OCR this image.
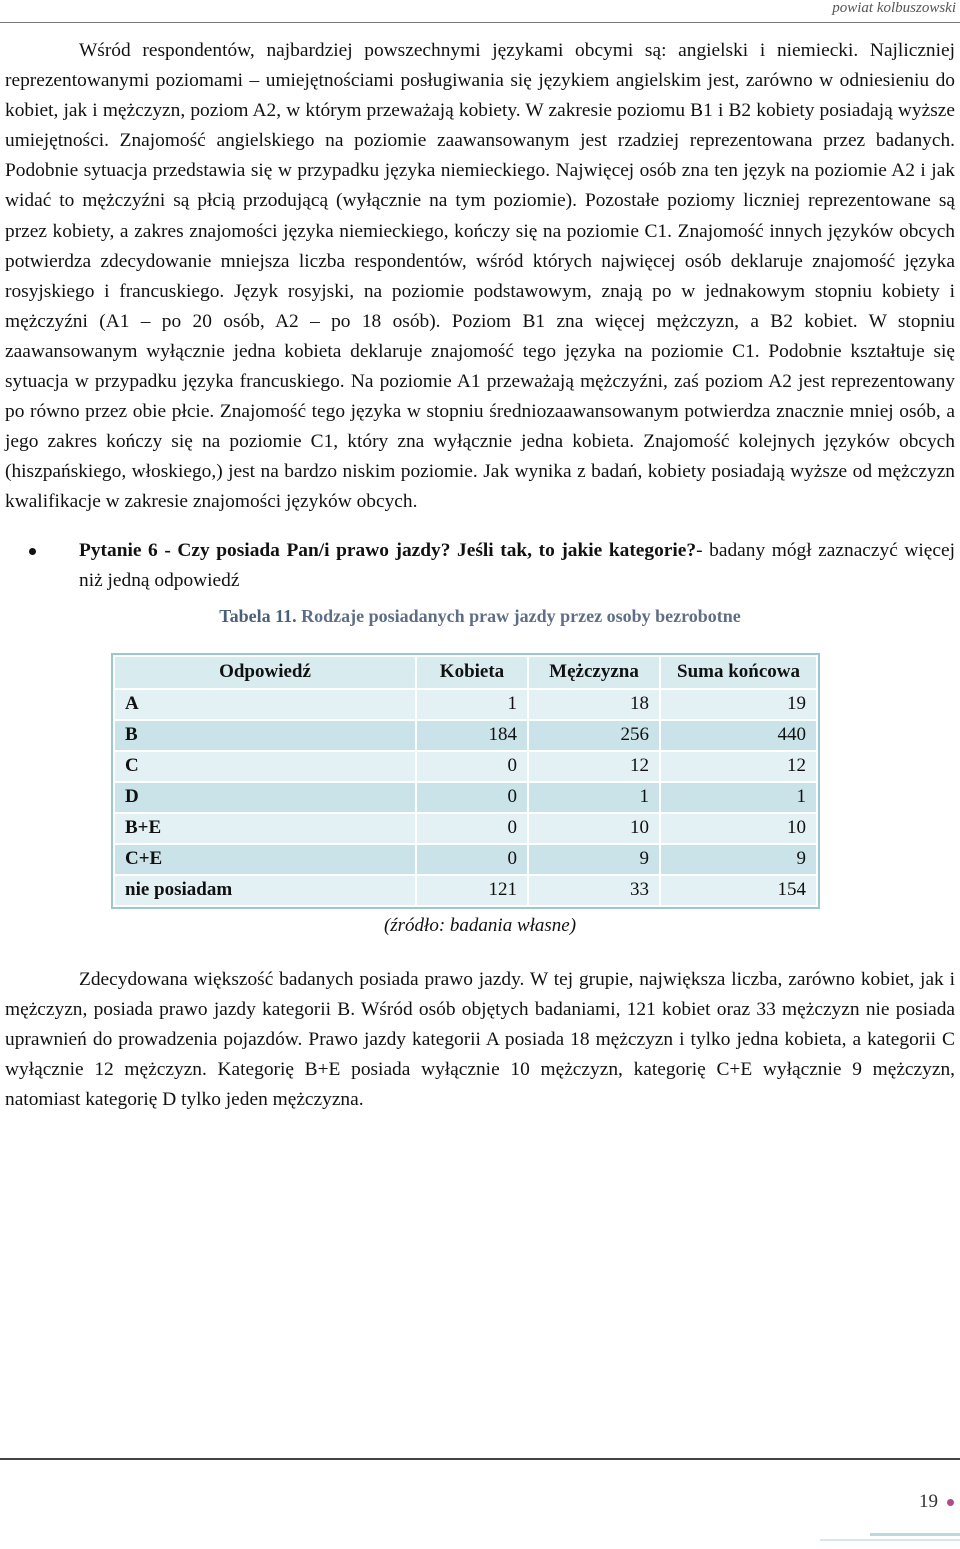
powiat kolbuszowski

Wśród respondentów, najbardziej powszechnymi językami obcymi są: angielski i niemiecki. Najliczniej reprezentowanymi poziomami – umiejętnościami posługiwania się językiem angielskim jest, zarówno w odniesieniu do kobiet, jak i mężczyzn, poziom A2, w którym przeważają kobiety. W zakresie poziomu B1 i B2 kobiety posiadają wyższe umiejętności. Znajomość angielskiego na poziomie zaawansowanym jest rzadziej reprezentowana przez badanych. Podobnie sytuacja przedstawia się w przypadku języka niemieckiego. Najwięcej osób zna ten język na poziomie A2 i jak widać to mężczyźni są płcią przodującą (wyłącznie na tym poziomie). Pozostałe poziomy liczniej reprezentowane są przez kobiety, a zakres znajomości języka niemieckiego, kończy się na poziomie C1. Znajomość innych języków obcych potwierdza zdecydowanie mniejsza liczba respondentów, wśród których najwięcej osób deklaruje znajomość języka rosyjskiego i francuskiego. Język rosyjski, na poziomie podstawowym, znają po w jednakowym stopniu kobiety i mężczyźni (A1 – po 20 osób, A2 – po 18 osób). Poziom B1 zna więcej mężczyzn, a B2 kobiet. W stopniu zaawansowanym wyłącznie jedna kobieta deklaruje znajomość tego języka na poziomie C1. Podobnie kształtuje się sytuacja w przypadku języka francuskiego. Na poziomie A1 przeważają mężczyźni, zaś poziom A2 jest reprezentowany po równo przez obie płcie. Znajomość tego języka w stopniu średniozaawansowanym potwierdza znacznie mniej osób, a jego zakres kończy się na poziomie C1, który zna wyłącznie jedna kobieta. Znajomość kolejnych języków obcych (hiszpańskiego, włoskiego,) jest na bardzo niskim poziomie. Jak wynika z badań, kobiety posiadają wyższe od mężczyzn kwalifikacje w zakresie znajomości języków obcych.

Pytanie 6 - Czy posiada Pan/i prawo jazdy? Jeśli tak, to jakie kategorie?- badany mógł zaznaczyć więcej niż jedną odpowiedź
Tabela 11. Rodzaje posiadanych praw jazdy przez osoby bezrobotne
Odpowiedź	Kobieta	Mężczyzna	Suma końcowa
A	1	18	19
B	184	256	440
C	0	12	12
D	0	1	1
B+E	0	10	10
C+E	0	9	9
nie posiadam	121	33	154
(źródło: badania własne)

Zdecydowana większość badanych posiada prawo jazdy. W tej grupie, największa liczba, zarówno kobiet, jak i mężczyzn, posiada prawo jazdy kategorii B. Wśród osób objętych badaniami, 121 kobiet oraz 33 mężczyzn nie posiada uprawnień do prowadzenia pojazdów. Prawo jazdy kategorii A posiada 18 mężczyzn i tylko jedna kobieta, a kategorii C wyłącznie 12 mężczyzn. Kategorię B+E posiada wyłącznie 10 mężczyzn, kategorię C+E wyłącznie 9 mężczyzn, natomiast kategorię D tylko jeden mężczyzna.

19
